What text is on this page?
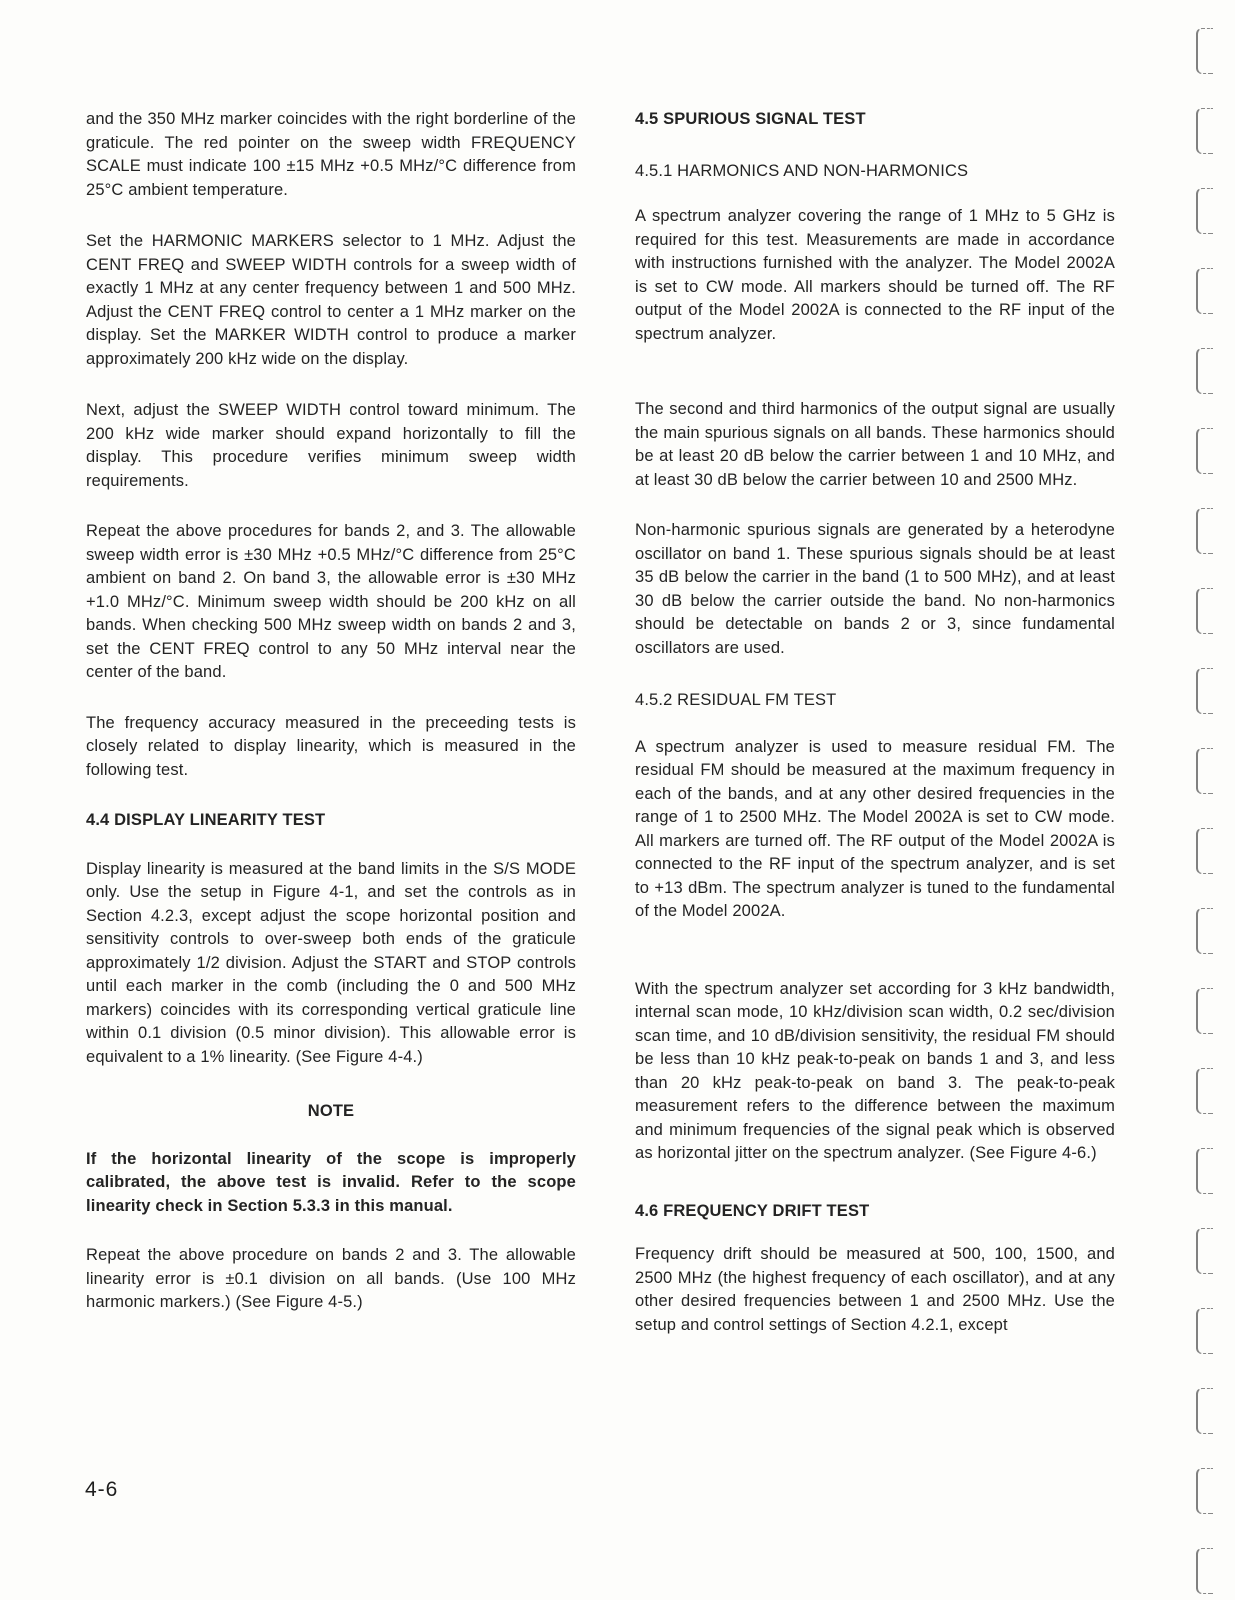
and the 350 MHz marker coincides with the right borderline of the graticule. The red pointer on the sweep width FREQUENCY SCALE must indicate 100 ±15 MHz +0.5 MHz/°C difference from 25°C ambient temperature.

Set the HARMONIC MARKERS selector to 1 MHz. Adjust the CENT FREQ and SWEEP WIDTH controls for a sweep width of exactly 1 MHz at any center frequency between 1 and 500 MHz. Adjust the CENT FREQ control to center a 1 MHz marker on the display. Set the MARKER WIDTH control to produce a marker approximately 200 kHz wide on the display.

Next, adjust the SWEEP WIDTH control toward minimum. The 200 kHz wide marker should expand horizontally to fill the display. This procedure verifies minimum sweep width requirements.

Repeat the above procedures for bands 2, and 3. The allowable sweep width error is ±30 MHz +0.5 MHz/°C difference from 25°C ambient on band 2. On band 3, the allowable error is ±30 MHz +1.0 MHz/°C. Minimum sweep width should be 200 kHz on all bands. When checking 500 MHz sweep width on bands 2 and 3, set the CENT FREQ control to any 50 MHz interval near the center of the band.

The frequency accuracy measured in the preceeding tests is closely related to display linearity, which is measured in the following test.

4.4 DISPLAY LINEARITY TEST

Display linearity is measured at the band limits in the S/S MODE only. Use the setup in Figure 4-1, and set the controls as in Section 4.2.3, except adjust the scope horizontal position and sensitivity controls to over-sweep both ends of the graticule approximately 1/2 division. Adjust the START and STOP controls until each marker in the comb (including the 0 and 500 MHz markers) coincides with its corresponding vertical graticule line within 0.1 division (0.5 minor division). This allowable error is equivalent to a 1% linearity. (See Figure 4-4.)

NOTE

If the horizontal linearity of the scope is improperly calibrated, the above test is invalid. Refer to the scope linearity check in Section 5.3.3 in this manual.

Repeat the above procedure on bands 2 and 3. The allowable linearity error is ±0.1 division on all bands. (Use 100 MHz harmonic markers.) (See Figure 4-5.)

4.5 SPURIOUS SIGNAL TEST

4.5.1 HARMONICS AND NON-HARMONICS

A spectrum analyzer covering the range of 1 MHz to 5 GHz is required for this test. Measurements are made in accordance with instructions furnished with the analyzer. The Model 2002A is set to CW mode. All markers should be turned off. The RF output of the Model 2002A is connected to the RF input of the spectrum analyzer.

The second and third harmonics of the output signal are usually the main spurious signals on all bands. These harmonics should be at least 20 dB below the carrier between 1 and 10 MHz, and at least 30 dB below the carrier between 10 and 2500 MHz.

Non-harmonic spurious signals are generated by a heterodyne oscillator on band 1. These spurious signals should be at least 35 dB below the carrier in the band (1 to 500 MHz), and at least 30 dB below the carrier outside the band. No non-harmonics should be detectable on bands 2 or 3, since fundamental oscillators are used.

4.5.2 RESIDUAL FM TEST

A spectrum analyzer is used to measure residual FM. The residual FM should be measured at the maximum frequency in each of the bands, and at any other desired frequencies in the range of 1 to 2500 MHz. The Model 2002A is set to CW mode. All markers are turned off. The RF output of the Model 2002A is connected to the RF input of the spectrum analyzer, and is set to +13 dBm. The spectrum analyzer is tuned to the fundamental of the Model 2002A.

With the spectrum analyzer set according for 3 kHz bandwidth, internal scan mode, 10 kHz/division scan width, 0.2 sec/division scan time, and 10 dB/division sensitivity, the residual FM should be less than 10 kHz peak-to-peak on bands 1 and 3, and less than 20 kHz peak-to-peak on band 3. The peak-to-peak measurement refers to the difference between the maximum and minimum frequencies of the signal peak which is observed as horizontal jitter on the spectrum analyzer. (See Figure 4-6.)

4.6 FREQUENCY DRIFT TEST

Frequency drift should be measured at 500, 100, 1500, and 2500 MHz (the highest frequency of each oscillator), and at any other desired frequencies between 1 and 2500 MHz. Use the setup and control settings of Section 4.2.1, except

4-6
